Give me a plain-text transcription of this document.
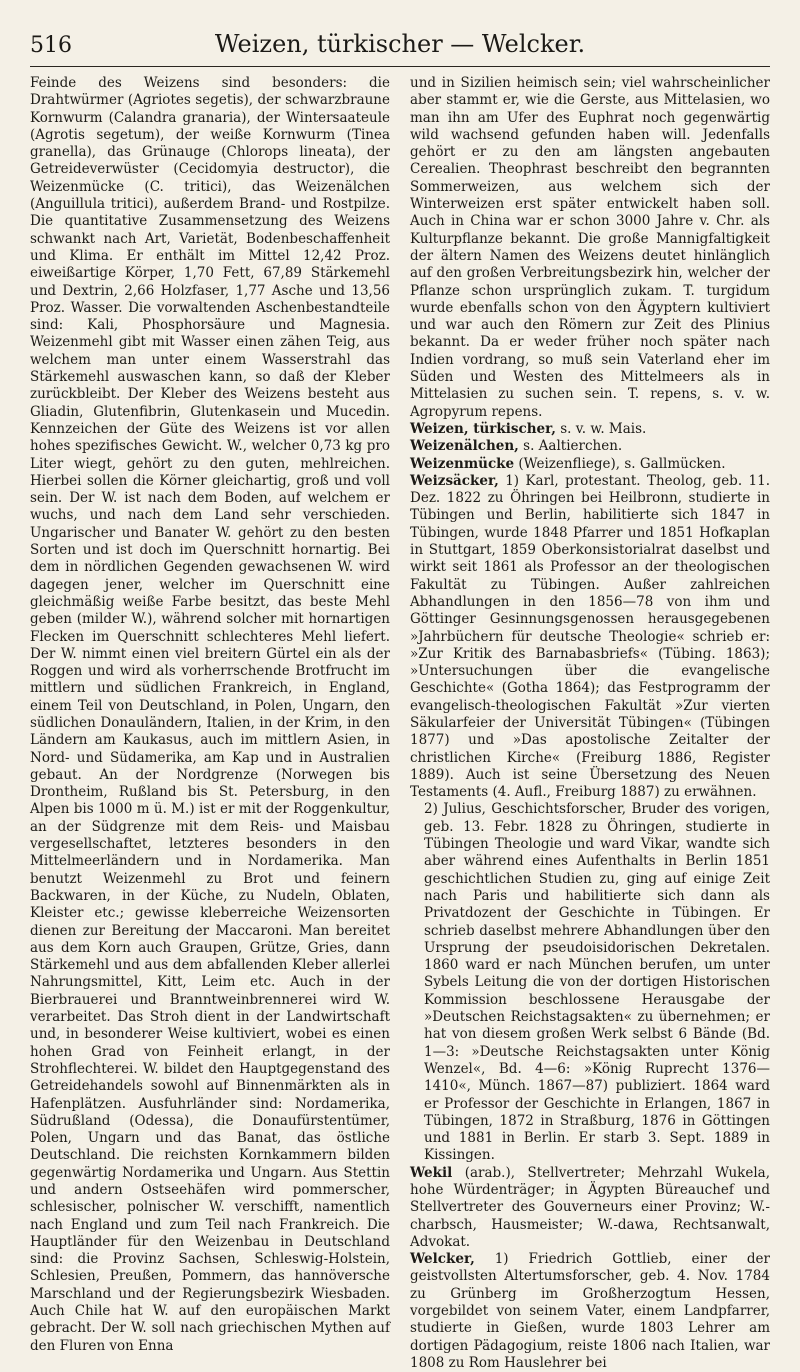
516	Weizen, türkischer — Welcker.

Feinde des Weizens sind besonders: die Drahtwürmer (Agriotes segetis), der schwarzbraune Kornwurm (Calandra granaria), der Wintersaateule (Agrotis segetum), der weiße Kornwurm (Tinea granella), das Grünauge (Chlorops lineata), der Getreideverwüster (Cecidomyia destructor), die Weizenmücke (C. tritici), das Weizenälchen (Anguillula tritici), außerdem Brand- und Rostpilze. Die quantitative Zusammensetzung des Weizens schwankt nach Art, Varietät, Bodenbeschaffenheit und Klima. Er enthält im Mittel 12,42 Proz. eiweißartige Körper, 1,70 Fett, 67,89 Stärkemehl und Dextrin, 2,66 Holzfaser, 1,77 Asche und 13,56 Proz. Wasser. Die vorwaltenden Aschenbestandteile sind: Kali, Phosphorsäure und Magnesia. Weizenmehl gibt mit Wasser einen zähen Teig, aus welchem man unter einem Wasserstrahl das Stärkemehl auswaschen kann, so daß der Kleber zurückbleibt. Der Kleber des Weizens besteht aus Gliadin, Glutenfibrin, Glutenkasein und Mucedin. Kennzeichen der Güte des Weizens ist vor allen hohes spezifisches Gewicht. W., welcher 0,73 kg pro Liter wiegt, gehört zu den guten, mehlreichen. Hierbei sollen die Körner gleichartig, groß und voll sein. Der W. ist nach dem Boden, auf welchem er wuchs, und nach dem Land sehr verschieden. Ungarischer und Banater W. gehört zu den besten Sorten und ist doch im Querschnitt hornartig. Bei dem in nördlichen Gegenden gewachsenen W. wird dagegen jener, welcher im Querschnitt eine gleichmäßig weiße Farbe besitzt, das beste Mehl geben (milder W.), während solcher mit hornartigen Flecken im Querschnitt schlechteres Mehl liefert. Der W. nimmt einen viel breitern Gürtel ein als der Roggen und wird als vorherrschende Brotfrucht im mittlern und südlichen Frankreich, in England, einem Teil von Deutschland, in Polen, Ungarn, den südlichen Donauländern, Italien, in der Krim, in den Ländern am Kaukasus, auch im mittlern Asien, in Nord- und Südamerika, am Kap und in Australien gebaut. An der Nordgrenze (Norwegen bis Drontheim, Rußland bis St. Petersburg, in den Alpen bis 1000 m ü. M.) ist er mit der Roggenkultur, an der Südgrenze mit dem Reis- und Maisbau vergesellschaftet, letzteres besonders in den Mittelmeerländern und in Nordamerika. Man benutzt Weizenmehl zu Brot und feinern Backwaren, in der Küche, zu Nudeln, Oblaten, Kleister etc.; gewisse kleberreiche Weizensorten dienen zur Bereitung der Maccaroni. Man bereitet aus dem Korn auch Graupen, Grütze, Gries, dann Stärkemehl und aus dem abfallenden Kleber allerlei Nahrungsmittel, Kitt, Leim etc. Auch in der Bierbrauerei und Branntweinbrennerei wird W. verarbeitet. Das Stroh dient in der Landwirtschaft und, in besonderer Weise kultiviert, wobei es einen hohen Grad von Feinheit erlangt, in der Strohflechterei. W. bildet den Hauptgegenstand des Getreidehandels sowohl auf Binnenmärkten als in Hafenplätzen. Ausfuhrländer sind: Nordamerika, Südrußland (Odessa), die Donaufürstentümer, Polen, Ungarn und das Banat, das östliche Deutschland. Die reichsten Kornkammern bilden gegenwärtig Nordamerika und Ungarn. Aus Stettin und andern Ostseehäfen wird pommerscher, schlesischer, polnischer W. verschifft, namentlich nach England und zum Teil nach Frankreich. Die Hauptländer für den Weizenbau in Deutschland sind: die Provinz Sachsen, Schleswig-Holstein, Schlesien, Preußen, Pommern, das hannöversche Marschland und der Regierungsbezirk Wiesbaden. Auch Chile hat W. auf den europäischen Markt gebracht. Der W. soll nach griechischen Mythen auf den Fluren von Enna

und in Sizilien heimisch sein; viel wahrscheinlicher aber stammt er, wie die Gerste, aus Mittelasien, wo man ihn am Ufer des Euphrat noch gegenwärtig wild wachsend gefunden haben will. Jedenfalls gehört er zu den am längsten angebauten Cerealien. Theophrast beschreibt den begrannten Sommerweizen, aus welchem sich der Winterweizen erst später entwickelt haben soll. Auch in China war er schon 3000 Jahre v. Chr. als Kulturpflanze bekannt. Die große Mannigfaltigkeit der ältern Namen des Weizens deutet hinlänglich auf den großen Verbreitungsbezirk hin, welcher der Pflanze schon ursprünglich zukam. T. turgidum wurde ebenfalls schon von den Ägyptern kultiviert und war auch den Römern zur Zeit des Plinius bekannt. Da er weder früher noch später nach Indien vordrang, so muß sein Vaterland eher im Süden und Westen des Mittelmeers als in Mittelasien zu suchen sein. T. repens, s. v. w. Agropyrum repens.

Weizen, türkischer, s. v. w. Mais.

Weizenälchen, s. Aaltierchen.

Weizenmücke (Weizenfliege), s. Gallmücken.

Weizsäcker, 1) Karl, protestant. Theolog, geb. 11. Dez. 1822 zu Öhringen bei Heilbronn, studierte in Tübingen und Berlin, habilitierte sich 1847 in Tübingen, wurde 1848 Pfarrer und 1851 Hofkaplan in Stuttgart, 1859 Oberkonsistorialrat daselbst und wirkt seit 1861 als Professor an der theologischen Fakultät zu Tübingen. Außer zahlreichen Abhandlungen in den 1856—78 von ihm und Göttinger Gesinnungsgenossen herausgegebenen »Jahrbüchern für deutsche Theologie« schrieb er: »Zur Kritik des Barnabasbriefs« (Tübing. 1863); »Untersuchungen über die evangelische Geschichte« (Gotha 1864); das Festprogramm der evangelisch-theologischen Fakultät »Zur vierten Säkularfeier der Universität Tübingen« (Tübingen 1877) und »Das apostolische Zeitalter der christlichen Kirche« (Freiburg 1886, Register 1889). Auch ist seine Übersetzung des Neuen Testaments (4. Aufl., Freiburg 1887) zu erwähnen.

2) Julius, Geschichtsforscher, Bruder des vorigen, geb. 13. Febr. 1828 zu Öhringen, studierte in Tübingen Theologie und ward Vikar, wandte sich aber während eines Aufenthalts in Berlin 1851 geschichtlichen Studien zu, ging auf einige Zeit nach Paris und habilitierte sich dann als Privatdozent der Geschichte in Tübingen. Er schrieb daselbst mehrere Abhandlungen über den Ursprung der pseudoisidorischen Dekretalen. 1860 ward er nach München berufen, um unter Sybels Leitung die von der dortigen Historischen Kommission beschlossene Herausgabe der »Deutschen Reichstagsakten« zu übernehmen; er hat von diesem großen Werk selbst 6 Bände (Bd. 1—3: »Deutsche Reichstagsakten unter König Wenzel«, Bd. 4—6: »König Ruprecht 1376—1410«, Münch. 1867—87) publiziert. 1864 ward er Professor der Geschichte in Erlangen, 1867 in Tübingen, 1872 in Straßburg, 1876 in Göttingen und 1881 in Berlin. Er starb 3. Sept. 1889 in Kissingen.

Wekil (arab.), Stellvertreter; Mehrzahl Wukela, hohe Würdenträger; in Ägypten Büreauchef und Stellvertreter des Gouverneurs einer Provinz; W.-charbsch, Hausmeister; W.-dawa, Rechtsanwalt, Advokat.

Welcker, 1) Friedrich Gottlieb, einer der geistvollsten Altertumsforscher, geb. 4. Nov. 1784 zu Grünberg im Großherzogtum Hessen, vorgebildet von seinem Vater, einem Landpfarrer, studierte in Gießen, wurde 1803 Lehrer am dortigen Pädagogium, reiste 1806 nach Italien, war 1808 zu Rom Hauslehrer bei
